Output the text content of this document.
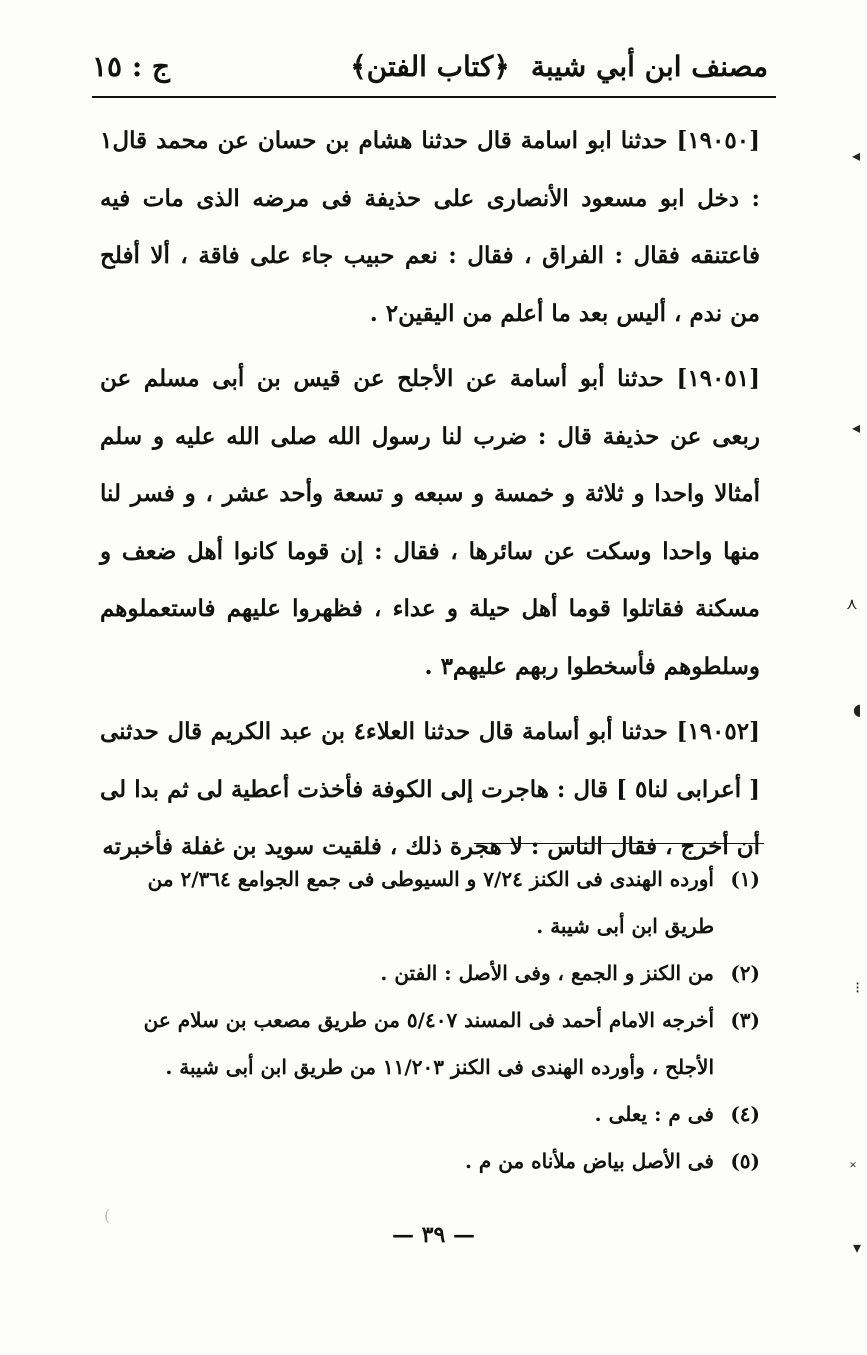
مصنف ابن أبي شيبة
﴿كتاب الفتن﴾
ج : ١٥

[١٩٠٥٠] حدثنا ابو اسامة قال حدثنا هشام بن حسان عن محمد قال١ : دخل ابو مسعود الأنصارى على حذيفة فى مرضه الذى مات فيه فاعتنقه فقال : الفراق ، فقال : نعم حبيب جاء على فاقة ، ألا أفلح من ندم ، أليس بعد ما أعلم من اليقين٢ .

[١٩٠٥١] حدثنا أبو أسامة عن الأجلح عن قيس بن أبى مسلم عن ربعى عن حذيفة قال : ضرب لنا رسول الله صلى الله عليه و سلم أمثالا واحدا و ثلاثة و خمسة و سبعه و تسعة وأحد عشر ، و فسر لنا منها واحدا وسكت عن سائرها ، فقال : إن قوما كانوا أهل ضعف و مسكنة فقاتلوا قوما أهل حيلة و عداء ، فظهروا عليهم فاستعملوهم وسلطوهم فأسخطوا ربهم عليهم٣ .

[١٩٠٥٢] حدثنا أبو أسامة قال حدثنا العلاء٤ بن عبد الكريم قال حدثنى [ أعرابى لنا٥ ] قال : هاجرت إلى الكوفة فأخذت أعطية لى ثم بدا لى أن أخرج ، فقال الناس : لا هجرة ذلك ، فلقيت سويد بن غفلة فأخبرته

(١)
أورده الهندى فى الكنز ٧/٢٤ و السيوطى فى جمع الجوامع ٢/٣٦٤ من طريق ابن أبى شيبة .
(٢)
من الكنز و الجمع ، وفى الأصل : الفتن .
(٣)
أخرجه الامام أحمد فى المسند ٥/٤٠٧ من طريق مصعب بن سلام عن الأجلح ، وأورده الهندى فى الكنز ١١/٢٠٣ من طريق ابن أبى شيبة .
(٤)
فى م : يعلى .
(٥)
فى الأصل بياض ملأناه من م .
— ٣٩ —
◂
◂
⋏
◖
⁝
˟
▾
(
